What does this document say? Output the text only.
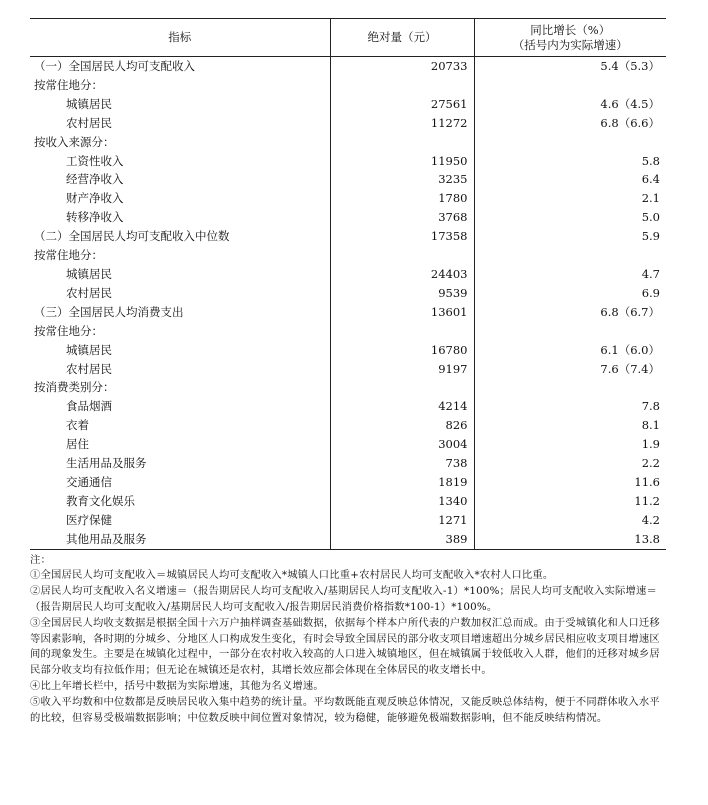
指标	绝对量（元）	同比增长（%）
（括号内为实际增速）

（一）全国居民人均可支配收入	20733	5.4（5.3）
按常住地分：		
城镇居民	27561	4.6（4.5）
农村居民	11272	6.8（6.6）
按收入来源分：		
工资性收入	11950	5.8
经营净收入	3235	6.4
财产净收入	1780	2.1
转移净收入	3768	5.0
（二）全国居民人均可支配收入中位数	17358	5.9
按常住地分：		
城镇居民	24403	4.7
农村居民	9539	6.9
（三）全国居民人均消费支出	13601	6.8（6.7）
按常住地分：		
城镇居民	16780	6.1（6.0）
农村居民	9197	7.6（7.4）
按消费类别分：		
食品烟酒	4214	7.8
衣着	826	8.1
居住	3004	1.9
生活用品及服务	738	2.2
交通通信	1819	11.6
教育文化娱乐	1340	11.2
医疗保健	1271	4.2
其他用品及服务	389	13.8

注：

①全国居民人均可支配收入＝城镇居民人均可支配收入*城镇人口比重+农村居民人均可支配收入*农村人口比重。

②居民人均可支配收入名义增速＝（报告期居民人均可支配收入/基期居民人均可支配收入-1）*100%；居民人均可支配收入实际增速＝（报告期居民人均可支配收入/基期居民人均可支配收入/报告期居民消费价格指数*100-1）*100%。

③全国居民人均收支数据是根据全国十六万户抽样调查基础数据，依据每个样本户所代表的户数加权汇总而成。由于受城镇化和人口迁移等因素影响，各时期的分城乡、分地区人口构成发生变化，有时会导致全国居民的部分收支项目增速超出分城乡居民相应收支项目增速区间的现象发生。主要是在城镇化过程中，一部分在农村收入较高的人口进入城镇地区，但在城镇属于较低收入人群，他们的迁移对城乡居民部分收支均有拉低作用；但无论在城镇还是农村，其增长效应都会体现在全体居民的收支增长中。

④比上年增长栏中，括号中数据为实际增速，其他为名义增速。

⑤收入平均数和中位数都是反映居民收入集中趋势的统计量。平均数既能直观反映总体情况，又能反映总体结构，便于不同群体收入水平的比较，但容易受极端数据影响；中位数反映中间位置对象情况，较为稳健，能够避免极端数据影响，但不能反映结构情况。
